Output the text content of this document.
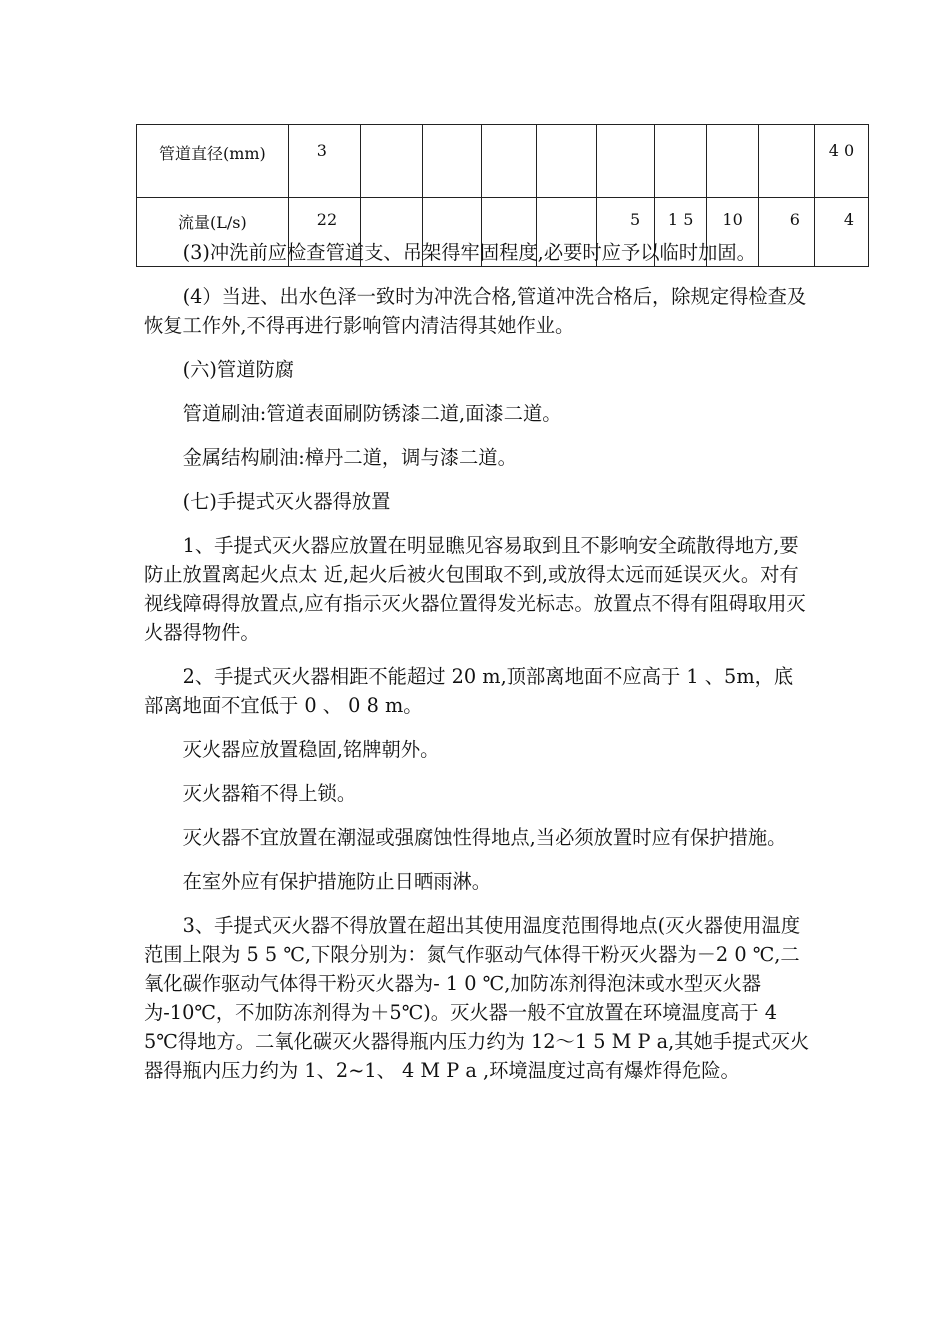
管道直径(mm)	3									4 0
流量(L/s)	22					5	1 5	10	6	4

(3)冲洗前应检查管道支、吊架得牢固程度,必要时应予以临时加固。

(4）当进、出水色泽一致时为冲洗合格,管道冲洗合格后，除规定得检查及恢复工作外,不得再进行影响管内清洁得其她作业。

(六)管道防腐

管道刷油:管道表面刷防锈漆二道,面漆二道。

金属结构刷油:樟丹二道，调与漆二道。

(七)手提式灭火器得放置

1、手提式灭火器应放置在明显瞧见容易取到且不影响安全疏散得地方,要防止放置离起火点太 近,起火后被火包围取不到,或放得太远而延误灭火。对有视线障碍得放置点,应有指示灭火器位置得发光标志。放置点不得有阻碍取用灭火器得物件。

2、手提式灭火器相距不能超过 20 m,顶部离地面不应高于 1 、5m，底部离地面不宜低于 0 、 0 8 m。

灭火器应放置稳固,铭牌朝外。

灭火器箱不得上锁。

灭火器不宜放置在潮湿或强腐蚀性得地点,当必须放置时应有保护措施。

在室外应有保护措施防止日晒雨淋。

3、手提式灭火器不得放置在超出其使用温度范围得地点(灭火器使用温度范围上限为 5 5 ℃,下限分别为：氮气作驱动气体得干粉灭火器为－2 0 ℃,二氧化碳作驱动气体得干粉灭火器为- 1 0 ℃,加防冻剂得泡沫或水型灭火器为-10℃，不加防冻剂得为＋5℃)。灭火器一般不宜放置在环境温度高于 4 5℃得地方。二氧化碳灭火器得瓶内压力约为 12～1 5 M P a,其她手提式灭火器得瓶内压力约为 1、2~1、 4 M P a ,环境温度过高有爆炸得危险。
